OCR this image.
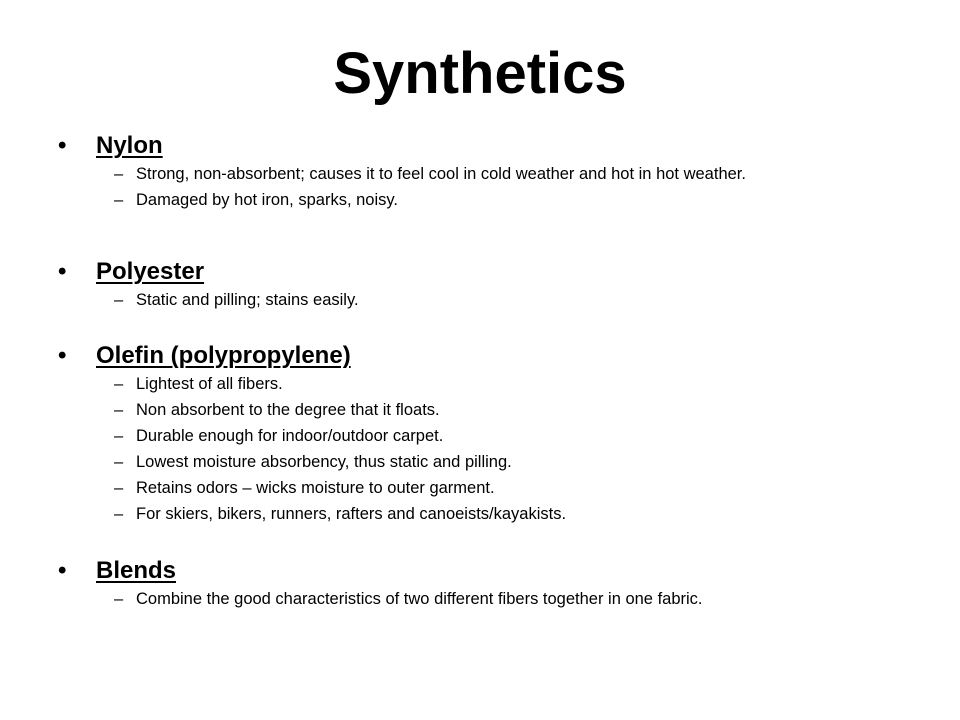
Synthetics
• Nylon
– Strong, non-absorbent; causes it to feel cool in cold weather and hot in hot weather.
– Damaged by hot iron, sparks, noisy.
• Polyester
– Static and pilling; stains easily.
• Olefin (polypropylene)
– Lightest of all fibers.
– Non absorbent to the degree that it floats.
– Durable enough for indoor/outdoor carpet.
– Lowest moisture absorbency, thus static and pilling.
– Retains odors – wicks moisture to outer garment.
– For skiers, bikers, runners, rafters and canoeists/kayakists.
• Blends
– Combine the good characteristics of two different fibers together in one fabric.
